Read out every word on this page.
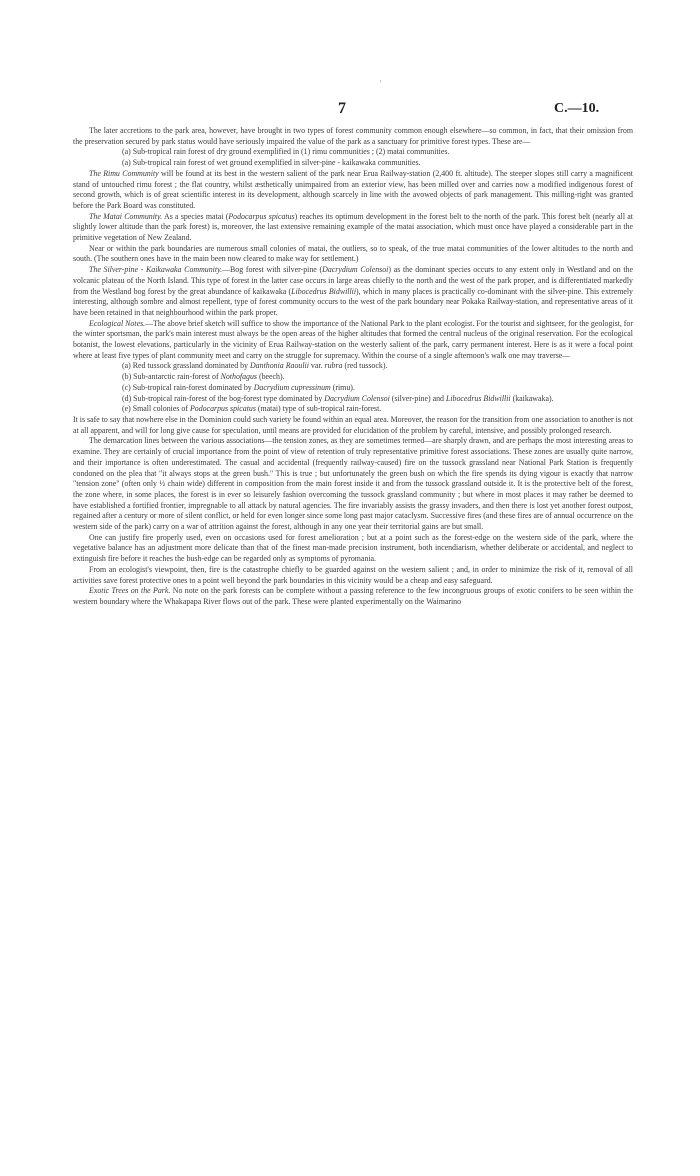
'
7	C.—10.

The later accretions to the park area, however, have brought in two types of forest community common enough elsewhere—so common, in fact, that their omission from the preservation secured by park status would have seriously impaired the value of the park as a sanctuary for primitive forest types. These are—

(a) Sub-tropical rain forest of dry ground exemplified in (1) rimu communities ; (2) matai communities.
(a) Sub-tropical rain forest of wet ground exemplified in silver-pine - kaikawaka communities.

The Rimu Community will be found at its best in the western salient of the park near Erua Railway-station (2,400 ft. altitude). The steeper slopes still carry a magnificent stand of untouched rimu forest ; the flat country, whilst æsthetically unimpaired from an exterior view, has been milled over and carries now a modified indigenous forest of second growth, which is of great scientific interest in its development, although scarcely in line with the avowed objects of park management. This milling-right was granted before the Park Board was constituted.

The Matai Community. As a species matai (Podocarpus spicatus) reaches its optimum development in the forest belt to the north of the park. This forest belt (nearly all at slightly lower altitude than the park forest) is, moreover, the last extensive remaining example of the matai association, which must once have played a considerable part in the primitive vegetation of New Zealand.

Near or within the park boundaries are numerous small colonies of matai, the outliers, so to speak, of the true matai communities of the lower altitudes to the north and south. (The southern ones have in the main been now cleared to make way for settlement.)

The Silver-pine - Kaikawaka Community.—Bog forest with silver-pine (Dacrydium Colensoi) as the dominant species occurs to any extent only in Westland and on the volcanic plateau of the North Island. This type of forest in the latter case occurs in large areas chiefly to the north and the west of the park proper, and is differentiated markedly from the Westland bog forest by the great abundance of kaikawaka (Libocedrus Bidwillii), which in many places is practically co-dominant with the silver-pine. This extremely interesting, although sombre and almost repellent, type of forest community occurs to the west of the park boundary near Pokaka Railway-station, and representative areas of it have been retained in that neighbourhood within the park proper.

Ecological Notes.—The above brief sketch will suffice to show the importance of the National Park to the plant ecologist. For the tourist and sightseer, for the geologist, for the winter sportsman, the park's main interest must always be the open areas of the higher altitudes that formed the central nucleus of the original reservation. For the ecological botanist, the lowest elevations, particularly in the vicinity of Erua Railway-station on the westerly salient of the park, carry permanent interest. Here is as it were a focal point where at least five types of plant community meet and carry on the struggle for supremacy. Within the course of a single afternoon's walk one may traverse—

(a) Red tussock grassland dominated by Danthonia Raoulii var. rubra (red tussock).
(b) Sub-antarctic rain-forest of Nothofagus (beech).
(c) Sub-tropical rain-forest dominated by Dacrydium cupressinum (rimu).
(d) Sub-tropical rain-forest of the bog-forest type dominated by Dacrydium Colensoi (silver-pine) and Libocedrus Bidwillii (kaikawaka).
(e) Small colonies of Podocarpus spicatus (matai) type of sub-tropical rain-forest.

It is safe to say that nowhere else in the Dominion could such variety be found within an equal area. Moreover, the reason for the transition from one association to another is not at all apparent, and will for long give cause for speculation, until means are provided for elucidation of the problem by careful, intensive, and possibly prolonged research.

The demarcation lines between the various associations—the tension zones, as they are sometimes termed—are sharply drawn, and are perhaps the most interesting areas to examine. They are certainly of crucial importance from the point of view of retention of truly representative primitive forest associations. These zones are usually quite narrow, and their importance is often underestimated. The casual and accidental (frequently railway-caused) fire on the tussock grassland near National Park Station is frequently condoned on the plea that "it always stops at the green bush." This is true ; but unfortunately the green bush on which the fire spends its dying vigour is exactly that narrow "tension zone" (often only ½ chain wide) different in composition from the main forest inside it and from the tussock grassland outside it. It is the protective belt of the forest, the zone where, in some places, the forest is in ever so leisurely fashion overcoming the tussock grassland community ; but where in most places it may rather be deemed to have established a fortified frontier, impregnable to all attack by natural agencies. The fire invariably assists the grassy invaders, and then there is lost yet another forest outpost, regained after a century or more of silent conflict, or held for even longer since some long past major cataclysm. Successive fires (and these fires are of annual occurrence on the western side of the park) carry on a war of attrition against the forest, although in any one year their territorial gains are but small.

One can justify fire properly used, even on occasions used for forest amelioration ; but at a point such as the forest-edge on the western side of the park, where the vegetative balance has an adjustment more delicate than that of the finest man-made precision instrument, both incendiarism, whether deliberate or accidental, and neglect to extinguish fire before it reaches the bush-edge can be regarded only as symptoms of pyromania.

From an ecologist's viewpoint, then, fire is the catastrophe chiefly to be guarded against on the western salient ; and, in order to minimize the risk of it, removal of all activities save forest protective ones to a point well beyond the park boundaries in this vicinity would be a cheap and easy safeguard.

Exotic Trees on the Park. No note on the park forests can be complete without a passing reference to the few incongruous groups of exotic conifers to be seen within the western boundary where the Whakapapa River flows out of the park. These were planted experimentally on the Waimarino
